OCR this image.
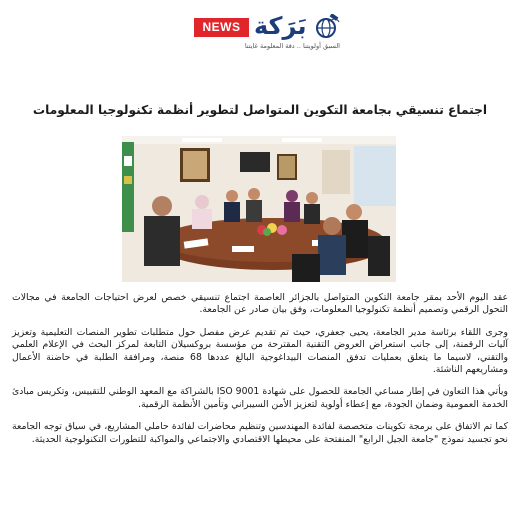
NEWS بَرَكة
السبق أولويتنا .. دقة المعلومة غايتنا
اجتماع تنسيقي بجامعة التكوين المتواصل لتطوير أنظمة تكنولوجيا المعلومات

عقد اليوم الأحد بمقر جامعة التكوين المتواصل بالجزائر العاصمة اجتماع تنسيقي خصص لعرض احتياجات الجامعة في مجالات التحول الرقمي وتصميم أنظمة تكنولوجيا المعلومات، وفق بيان صادر عن الجامعة.

وجرى اللقاء برئاسة مدير الجامعة، يحيى جعفري، حيث تم تقديم عرض مفصل حول متطلبات تطوير المنصات التعليمية وتعزيز آليات الرقمنة، إلى جانب استعراض العروض التقنية المقترحة من مؤسسة بروكسيلان التابعة لمركز البحث في الإعلام العلمي والتقني، لاسيما ما يتعلق بعمليات تدفق المنصات البيداغوجية البالغ عددها 68 منصة، ومرافقة الطلبة في حاضنة الأعمال ومشاريعهم الناشئة.

ويأتي هذا التعاون في إطار مساعي الجامعة للحصول على شهادة ISO 9001 بالشراكة مع المعهد الوطني للتقييس، وتكريس مبادئ الخدمة العمومية وضمان الجودة، مع إعطاء أولوية لتعزيز الأمن السيبراني وتأمين الأنظمة الرقمية.

كما تم الاتفاق على برمجة تكوينات متخصصة لفائدة المهندسين وتنظيم محاضرات لفائدة حاملي المشاريع، في سياق توجه الجامعة نحو تجسيد نموذج "جامعة الجيل الرابع" المنفتحة على محيطها الاقتصادي والاجتماعي والمواكبة للتطورات التكنولوجية الحديثة.
